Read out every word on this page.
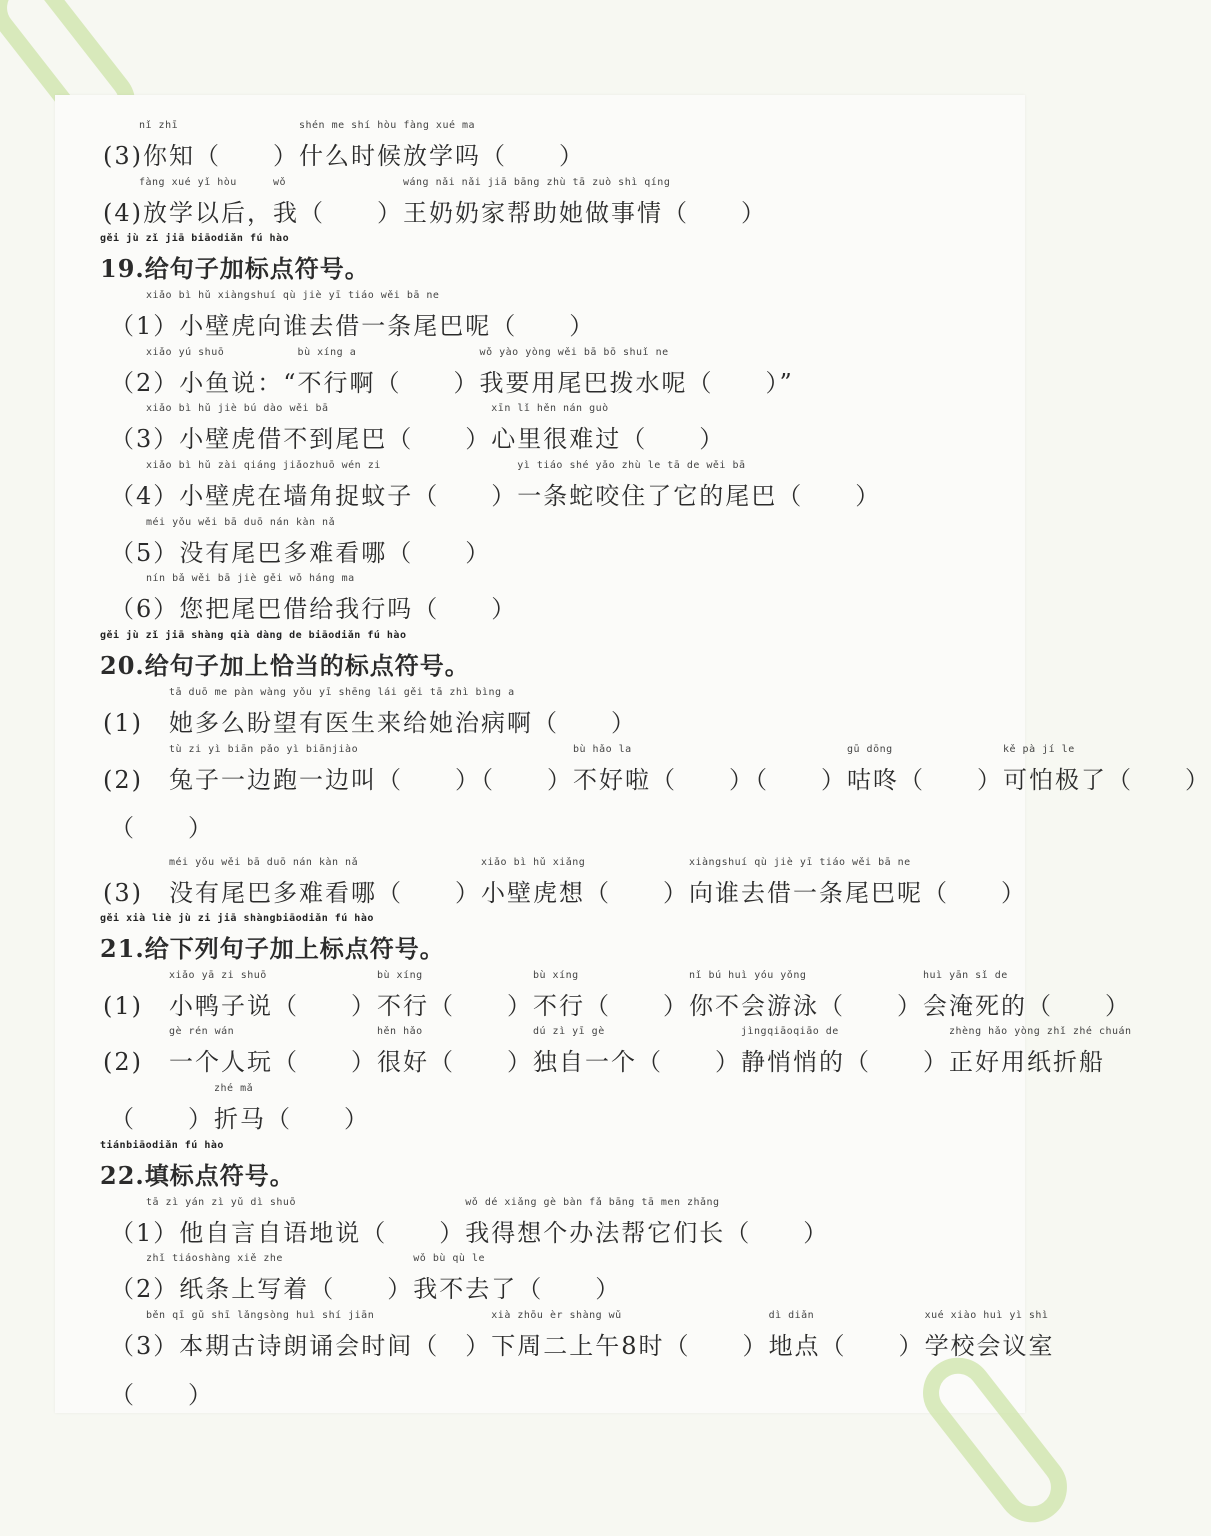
nǐ zhī
(3)你知（　　）
shén me shí hòu fàng xué ma
什么时候放学吗（　　）
fàng xué yǐ hòu
(4)放学以后，
wǒ
我（　　）
wáng nǎi nǎi jiā bāng zhù tā zuò shì qíng
王奶奶家帮助她做事情（　　）
gěi jù zǐ jiā biāodiǎn fú hào
19.给句子加标点符号。
xiǎo bì hǔ xiàngshuí qù jiè yī tiáo wěi bā ne
（1）小壁虎向谁去借一条尾巴呢（　　）
xiǎo yú shuō
（2）小鱼说：“
bù xíng a
不行啊（　　）
wǒ yào yòng wěi bā bō shuǐ ne
我要用尾巴拨水呢（　　）”
xiǎo bì hǔ jiè bú dào wěi bā
（3）小壁虎借不到尾巴（　　）
xīn lǐ hěn nán guò
心里很难过（　　）
xiǎo bì hǔ zài qiáng jiǎozhuō wén zi
（4）小壁虎在墙角捉蚊子（　　）
yì tiáo shé yǎo zhù le tā de wěi bā
一条蛇咬住了它的尾巴（　　）
méi yǒu wěi bā duō nán kàn nǎ
（5）没有尾巴多难看哪（　　）
nín bǎ wěi bā jiè gěi wǒ háng ma
（6）您把尾巴借给我行吗（　　）
gěi jù zǐ jiā shàng qià dàng de biāodiǎn fú hào
20.给句子加上恰当的标点符号。
(1)　
tā duō me pàn wàng yǒu yī shēng lái gěi tā zhì bìng a
她多么盼望有医生来给她治病啊（　　）
(2)　
tù zi yì biān pǎo yì biānjiào
兔子一边跑一边叫（　　）（　　）
bù hǎo la
不好啦（　　）（　　）
gū dōng
咕咚（　　）
kě pà jí le
可怕极了（　　）
（　　）
(3)　
méi yǒu wěi bā duō nán kàn nǎ
没有尾巴多难看哪（　　）
xiǎo bì hǔ xiǎng
小壁虎想（　　）
xiàngshuí qù jiè yī tiáo wěi bā ne
向谁去借一条尾巴呢（　　）
gěi xià liè jù zi jiā shàngbiāodiǎn fú hào
21.给下列句子加上标点符号。
(1)　
xiǎo yā zi shuō
小鸭子说（　　）
bù xíng
不行（　　）
bù xíng
不行（　　）
nǐ bú huì yóu yǒng
你不会游泳（　　）
huì yān sǐ de
会淹死的（　　）
(2)　
gè rén wán
一个人玩（　　）
hěn hǎo
很好（　　）
dú zì yī gè
独自一个（　　）
jìngqiāoqiāo de
静悄悄的（　　）
zhèng hǎo yòng zhǐ zhé chuán
正好用纸折船
（　　）
zhé mǎ
折马（　　）
tiánbiāodiǎn fú hào
22.填标点符号。
tā zì yán zì yǔ dì shuō
（1）他自言自语地说（　　）
wǒ dé xiǎng gè bàn fǎ bāng tā men zhǎng
我得想个办法帮它们长（　　）
zhǐ tiáoshàng xiě zhe
（2）纸条上写着（　　）
wǒ bù qù le
我不去了（　　）
běn qī gǔ shī lǎngsòng huì shí jiān
（3）本期古诗朗诵会时间（　）
xià zhōu èr shàng wǔ
下周二上午8时（　　）
dì diǎn
地点（　　）
xué xiào huì yì shì
学校会议室
（　　）
